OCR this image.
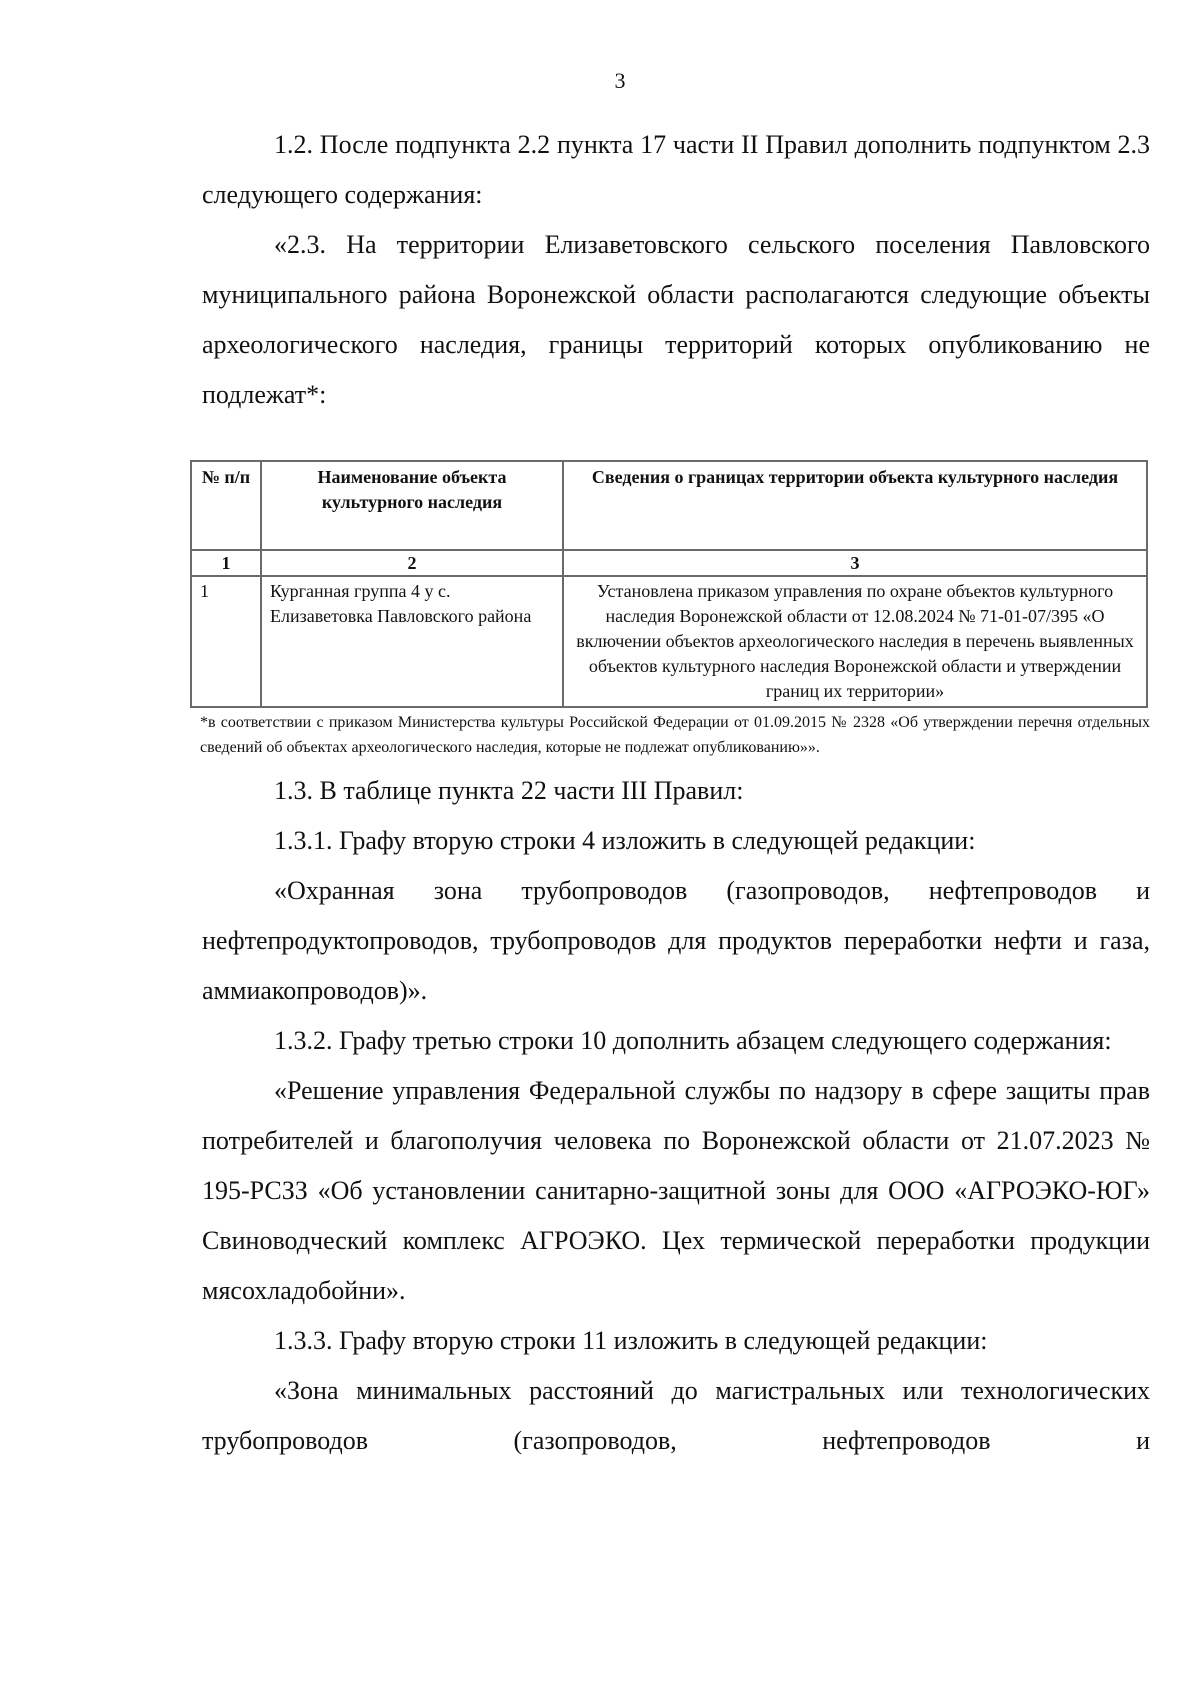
3

1.2. После подпункта 2.2 пункта 17 части II Правил дополнить подпунктом 2.3 следующего содержания:

«2.3. На территории Елизаветовского сельского поселения Павловского муниципального района Воронежской области располагаются следующие объекты археологического наследия, границы территорий которых опубликованию не подлежат*:

№ п/п	Наименование объекта культурного наследия	Сведения о границах территории объекта культурного наследия
1	2	3
1	Курганная группа 4 у с. Елизаветовка Павловского района	Установлена приказом управления по охране объектов культурного наследия Воронежской области от 12.08.2024 № 71-01-07/395 «О включении объектов археологического наследия в перечень выявленных объектов культурного наследия Воронежской области и утверждении границ их территории»

*в соответствии с приказом Министерства культуры Российской Федерации от 01.09.2015 № 2328 «Об утверждении перечня отдельных сведений об объектах археологического наследия, которые не подлежат опубликованию»».

1.3. В таблице пункта 22 части III Правил:

1.3.1. Графу вторую строки 4 изложить в следующей редакции:

«Охранная зона трубопроводов (газопроводов, нефтепроводов и нефтепродуктопроводов, трубопроводов для продуктов переработки нефти и газа, аммиакопроводов)».

1.3.2. Графу третью строки 10 дополнить абзацем следующего содержания:

«Решение управления Федеральной службы по надзору в сфере защиты прав потребителей и благополучия человека по Воронежской области от 21.07.2023 № 195-РСЗЗ «Об установлении санитарно-защитной зоны для ООО «АГРОЭКО-ЮГ» Свиноводческий комплекс АГРОЭКО. Цех термической переработки продукции мясохладобойни».

1.3.3. Графу вторую строки 11 изложить в следующей редакции:

«Зона минимальных расстояний до магистральных или технологических трубопроводов (газопроводов, нефтепроводов и
